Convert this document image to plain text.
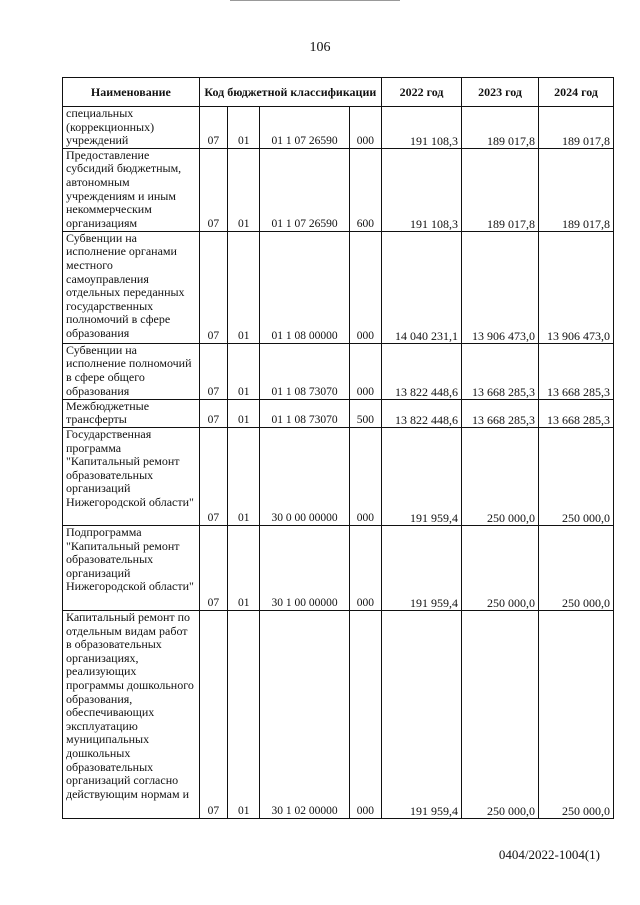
106
Наименование	Код бюджетной классификации				2022 год	2023 год	2024 год
специальных (коррекционных) учреждений	07	01	01 1 07 26590	000	191 108,3	189 017,8	189 017,8
Предоставление субсидий бюджетным, автономным учреждениям и иным некоммерческим организациям	07	01	01 1 07 26590	600	191 108,3	189 017,8	189 017,8
Субвенции на исполнение органами местного самоуправления отдельных переданных государственных полномочий в сфере образования	07	01	01 1 08 00000	000	14 040 231,1	13 906 473,0	13 906 473,0
Субвенции на исполнение полномочий в сфере общего образования	07	01	01 1 08 73070	000	13 822 448,6	13 668 285,3	13 668 285,3
Межбюджетные трансферты	07	01	01 1 08 73070	500	13 822 448,6	13 668 285,3	13 668 285,3
Государственная программа "Капитальный ремонт образовательных организаций Нижегородской области"	07	01	30 0 00 00000	000	191 959,4	250 000,0	250 000,0
Подпрограмма "Капитальный ремонт образовательных организаций Нижегородской области"	07	01	30 1 00 00000	000	191 959,4	250 000,0	250 000,0
Капитальный ремонт по отдельным видам работ в образовательных организациях, реализующих программы дошкольного образования, обеспечивающих эксплуатацию муниципальных дошкольных образовательных организаций согласно действующим нормам и	07	01	30 1 02 00000	000	191 959,4	250 000,0	250 000,0
0404/2022-1004(1)
